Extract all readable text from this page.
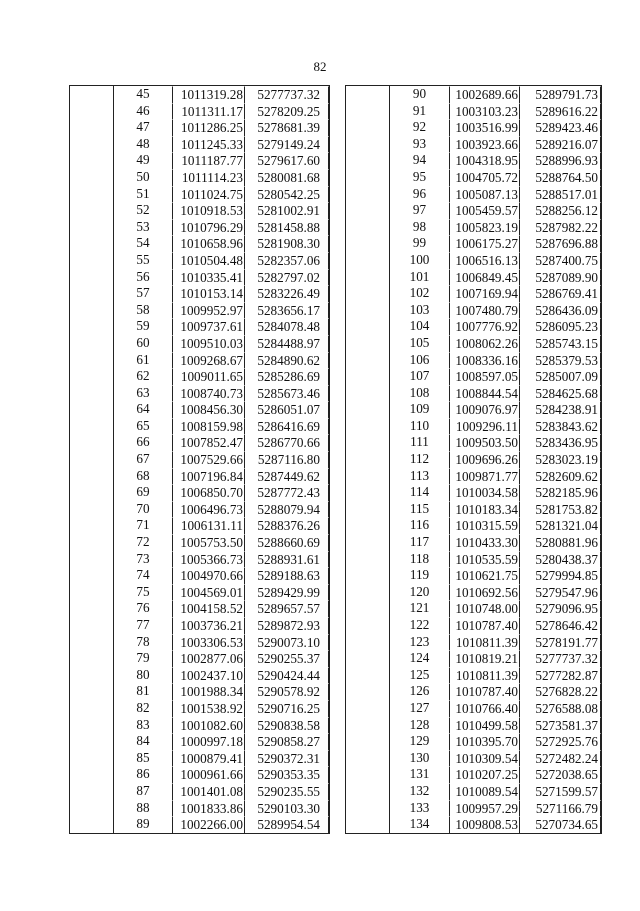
82
45	1011319.28	5277737.32
46	1011311.17	5278209.25
47	1011286.25	5278681.39
48	1011245.33	5279149.24
49	1011187.77	5279617.60
50	1011114.23	5280081.68
51	1011024.75	5280542.25
52	1010918.53	5281002.91
53	1010796.29	5281458.88
54	1010658.96	5281908.30
55	1010504.48	5282357.06
56	1010335.41	5282797.02
57	1010153.14	5283226.49
58	1009952.97	5283656.17
59	1009737.61	5284078.48
60	1009510.03	5284488.97
61	1009268.67	5284890.62
62	1009011.65	5285286.69
63	1008740.73	5285673.46
64	1008456.30	5286051.07
65	1008159.98	5286416.69
66	1007852.47	5286770.66
67	1007529.66	5287116.80
68	1007196.84	5287449.62
69	1006850.70	5287772.43
70	1006496.73	5288079.94
71	1006131.11	5288376.26
72	1005753.50	5288660.69
73	1005366.73	5288931.61
74	1004970.66	5289188.63
75	1004569.01	5289429.99
76	1004158.52	5289657.57
77	1003736.21	5289872.93
78	1003306.53	5290073.10
79	1002877.06	5290255.37
80	1002437.10	5290424.44
81	1001988.34	5290578.92
82	1001538.92	5290716.25
83	1001082.60	5290838.58
84	1000997.18	5290858.27
85	1000879.41	5290372.31
86	1000961.66	5290353.35
87	1001401.08	5290235.55
88	1001833.86	5290103.30
89	1002266.00	5289954.54
90	1002689.66	5289791.73
91	1003103.23	5289616.22
92	1003516.99	5289423.46
93	1003923.66	5289216.07
94	1004318.95	5288996.93
95	1004705.72	5288764.50
96	1005087.13	5288517.01
97	1005459.57	5288256.12
98	1005823.19	5287982.22
99	1006175.27	5287696.88
100	1006516.13	5287400.75
101	1006849.45	5287089.90
102	1007169.94	5286769.41
103	1007480.79	5286436.09
104	1007776.92	5286095.23
105	1008062.26	5285743.15
106	1008336.16	5285379.53
107	1008597.05	5285007.09
108	1008844.54	5284625.68
109	1009076.97	5284238.91
110	1009296.11	5283843.62
111	1009503.50	5283436.95
112	1009696.26	5283023.19
113	1009871.77	5282609.62
114	1010034.58	5282185.96
115	1010183.34	5281753.82
116	1010315.59	5281321.04
117	1010433.30	5280881.96
118	1010535.59	5280438.37
119	1010621.75	5279994.85
120	1010692.56	5279547.96
121	1010748.00	5279096.95
122	1010787.40	5278646.42
123	1010811.39	5278191.77
124	1010819.21	5277737.32
125	1010811.39	5277282.87
126	1010787.40	5276828.22
127	1010766.40	5276588.08
128	1010499.58	5273581.37
129	1010395.70	5272925.76
130	1010309.54	5272482.24
131	1010207.25	5272038.65
132	1010089.54	5271599.57
133	1009957.29	5271166.79
134	1009808.53	5270734.65
